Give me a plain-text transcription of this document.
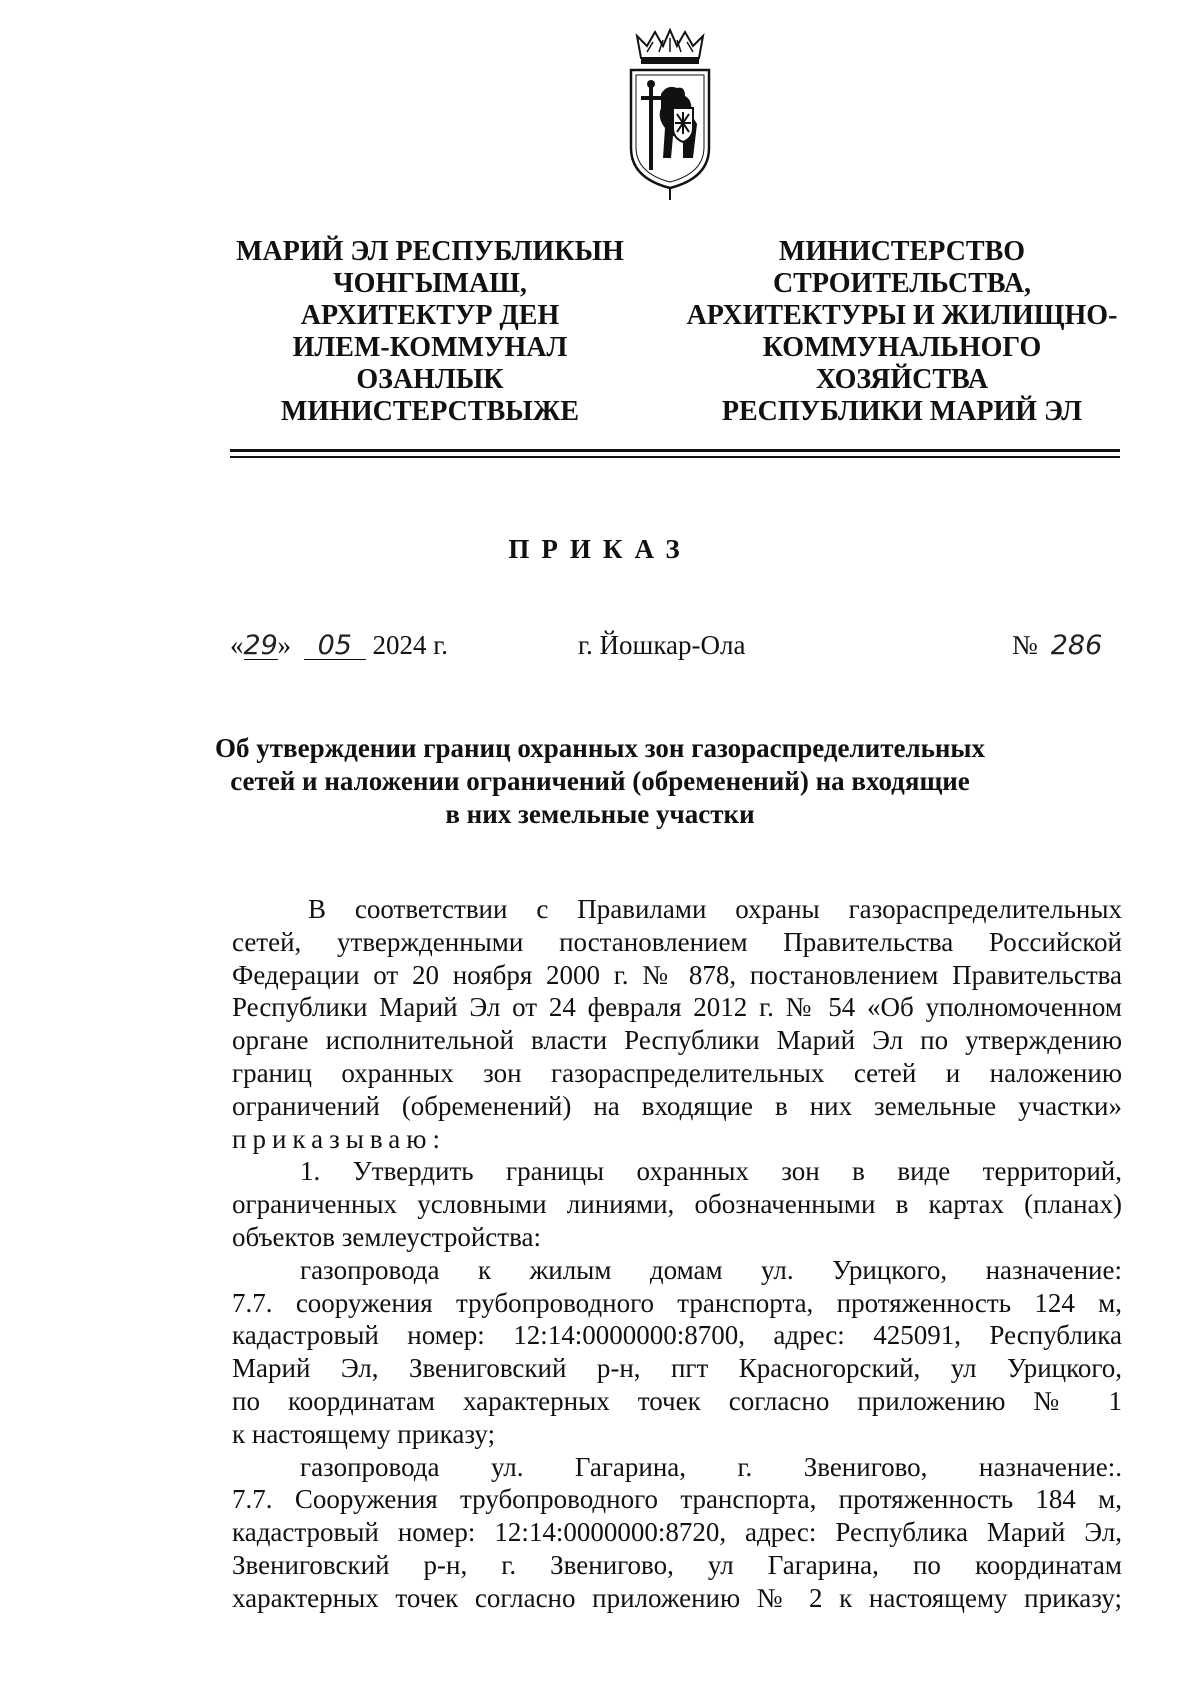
МАРИЙ ЭЛ РЕСПУБЛИКЫН
ЧОНГЫМАШ,
АРХИТЕКТУР ДЕН
ИЛЕМ-КОММУНАЛ
ОЗАНЛЫК
МИНИСТЕРСТВЫЖЕ
МИНИСТЕРСТВО
СТРОИТЕЛЬСТВА,
АРХИТЕКТУРЫ И ЖИЛИЩНО-
КОММУНАЛЬНОГО
ХОЗЯЙСТВА
РЕСПУБЛИКИ МАРИЙ ЭЛ
ПРИКАЗ
«29» 05 2024 г.	г. Йошкар-Ола	№ 286
Об утверждении границ охранных зон газораспределительных
сетей и наложении ограничений (обременений) на входящие
в них земельные участки
В соответствии с Правилами охраны газораспределительных
сетей, утвержденными постановлением Правительства Российской
Федерации от 20 ноября 2000 г. № 878, постановлением Правительства
Республики Марий Эл от 24 февраля 2012 г. № 54 «Об уполномоченном
органе исполнительной власти Республики Марий Эл по утверждению
границ охранных зон газораспределительных сетей и наложению
ограничений (обременений) на входящие в них земельные участки»
приказываю:
1. Утвердить границы охранных зон в виде территорий,
ограниченных условными линиями, обозначенными в картах (планах)
объектов землеустройства:
газопровода к жилым домам ул. Урицкого, назначение:
7.7. сооружения трубопроводного транспорта, протяженность 124 м,
кадастровый номер: 12:14:0000000:8700, адрес: 425091, Республика
Марий Эл, Звениговский р-н, пгт Красногорский, ул Урицкого,
по координатам характерных точек согласно приложению № 1
к настоящему приказу;
газопровода ул. Гагарина, г. Звенигово, назначение:.
7.7. Сооружения трубопроводного транспорта, протяженность 184 м,
кадастровый номер: 12:14:0000000:8720, адрес: Республика Марий Эл,
Звениговский р-н, г. Звенигово, ул Гагарина, по координатам
характерных точек согласно приложению № 2 к настоящему приказу;
